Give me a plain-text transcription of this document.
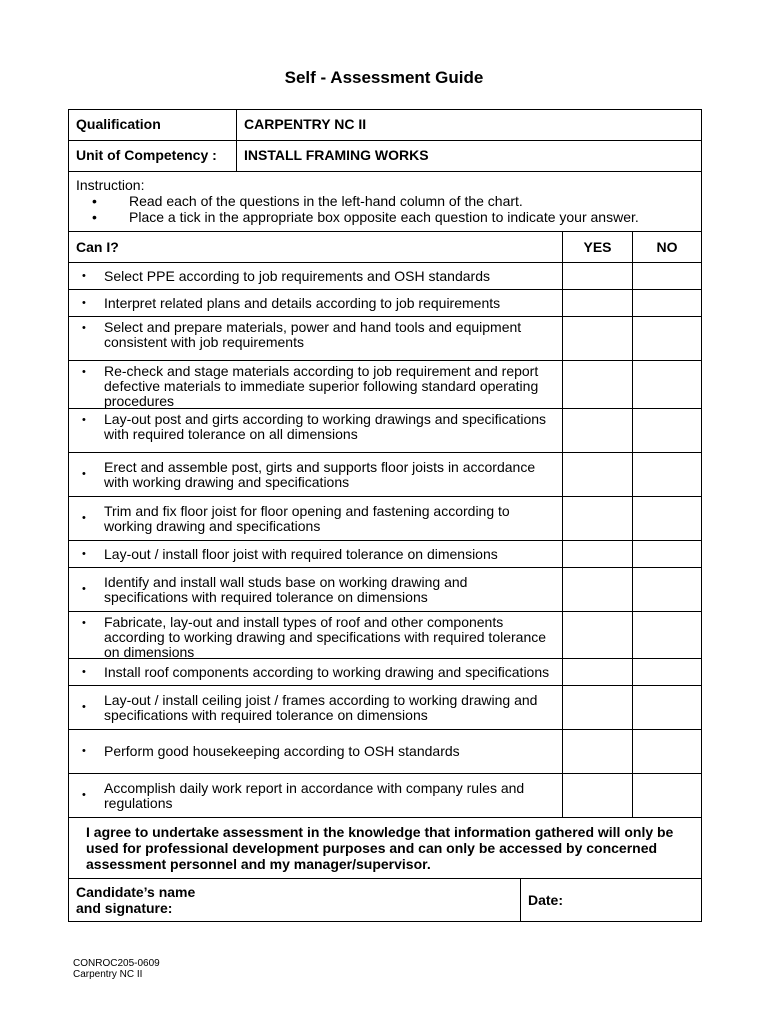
Self - Assessment Guide
Qualification	CARPENTRY NC II
Unit of Competency :	INSTALL FRAMING WORKS
Instruction:
• Read each of the questions in the left-hand column of the chart.
• Place a tick in the appropriate box opposite each question to indicate your answer.
Can I?	YES	NO
•	Select PPE according to job requirements and OSH standards
•	Interpret related plans and details according to job requirements
•	Select and prepare materials, power and hand tools and equipment consistent with job requirements
•	Re-check and stage materials according to job requirement and report defective materials to immediate superior following standard operating procedures
•	Lay-out post and girts according to working drawings and specifications with required tolerance on all dimensions
•	Erect and assemble post, girts and supports floor joists in accordance with working drawing and specifications
•	Trim and fix floor joist for floor opening and fastening according to working drawing and specifications
•	Lay-out / install floor joist with required tolerance on dimensions
•	Identify and install wall studs base on working drawing and specifications with required tolerance on dimensions
•	Fabricate, lay-out and install types of roof and other components according to working drawing and specifications with required tolerance on dimensions
•	Install roof components according to working drawing and specifications
•	Lay-out / install ceiling joist / frames according to working drawing and specifications with required tolerance on dimensions
•	Perform good housekeeping according to OSH standards
•	Accomplish daily work report in accordance with company rules and regulations
I agree to undertake assessment in the knowledge that information gathered will only be used for professional development purposes and can only be accessed by concerned assessment personnel and my manager/supervisor.
Candidate’s name
and signature:	Date:
CONROC205-0609
Carpentry NC II
